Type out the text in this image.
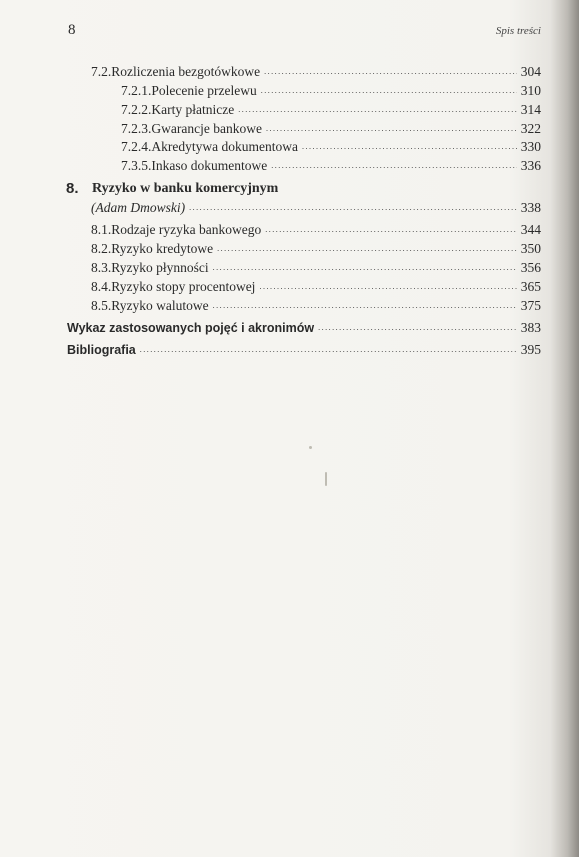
8	Spis treści
7.2. Rozliczenia bezgotówkowe .....	304
7.2.1. Polecenie przelewu .....	310
7.2.2. Karty płatnicze .....	314
7.2.3. Gwarancje bankowe .....	322
7.2.4. Akredytywa dokumentowa .....	330
7.3.5. Inkaso dokumentowe .....	336
8. Ryzyko w banku komercyjnym
(Adam Dmowski) .....	338
8.1. Rodzaje ryzyka bankowego .....	344
8.2. Ryzyko kredytowe .....	350
8.3. Ryzyko płynności .....	356
8.4. Ryzyko stopy procentowej .....	365
8.5. Ryzyko walutowe .....	375
Wykaz zastosowanych pojęć i akronimów .....	383
Bibliografia .....	395
